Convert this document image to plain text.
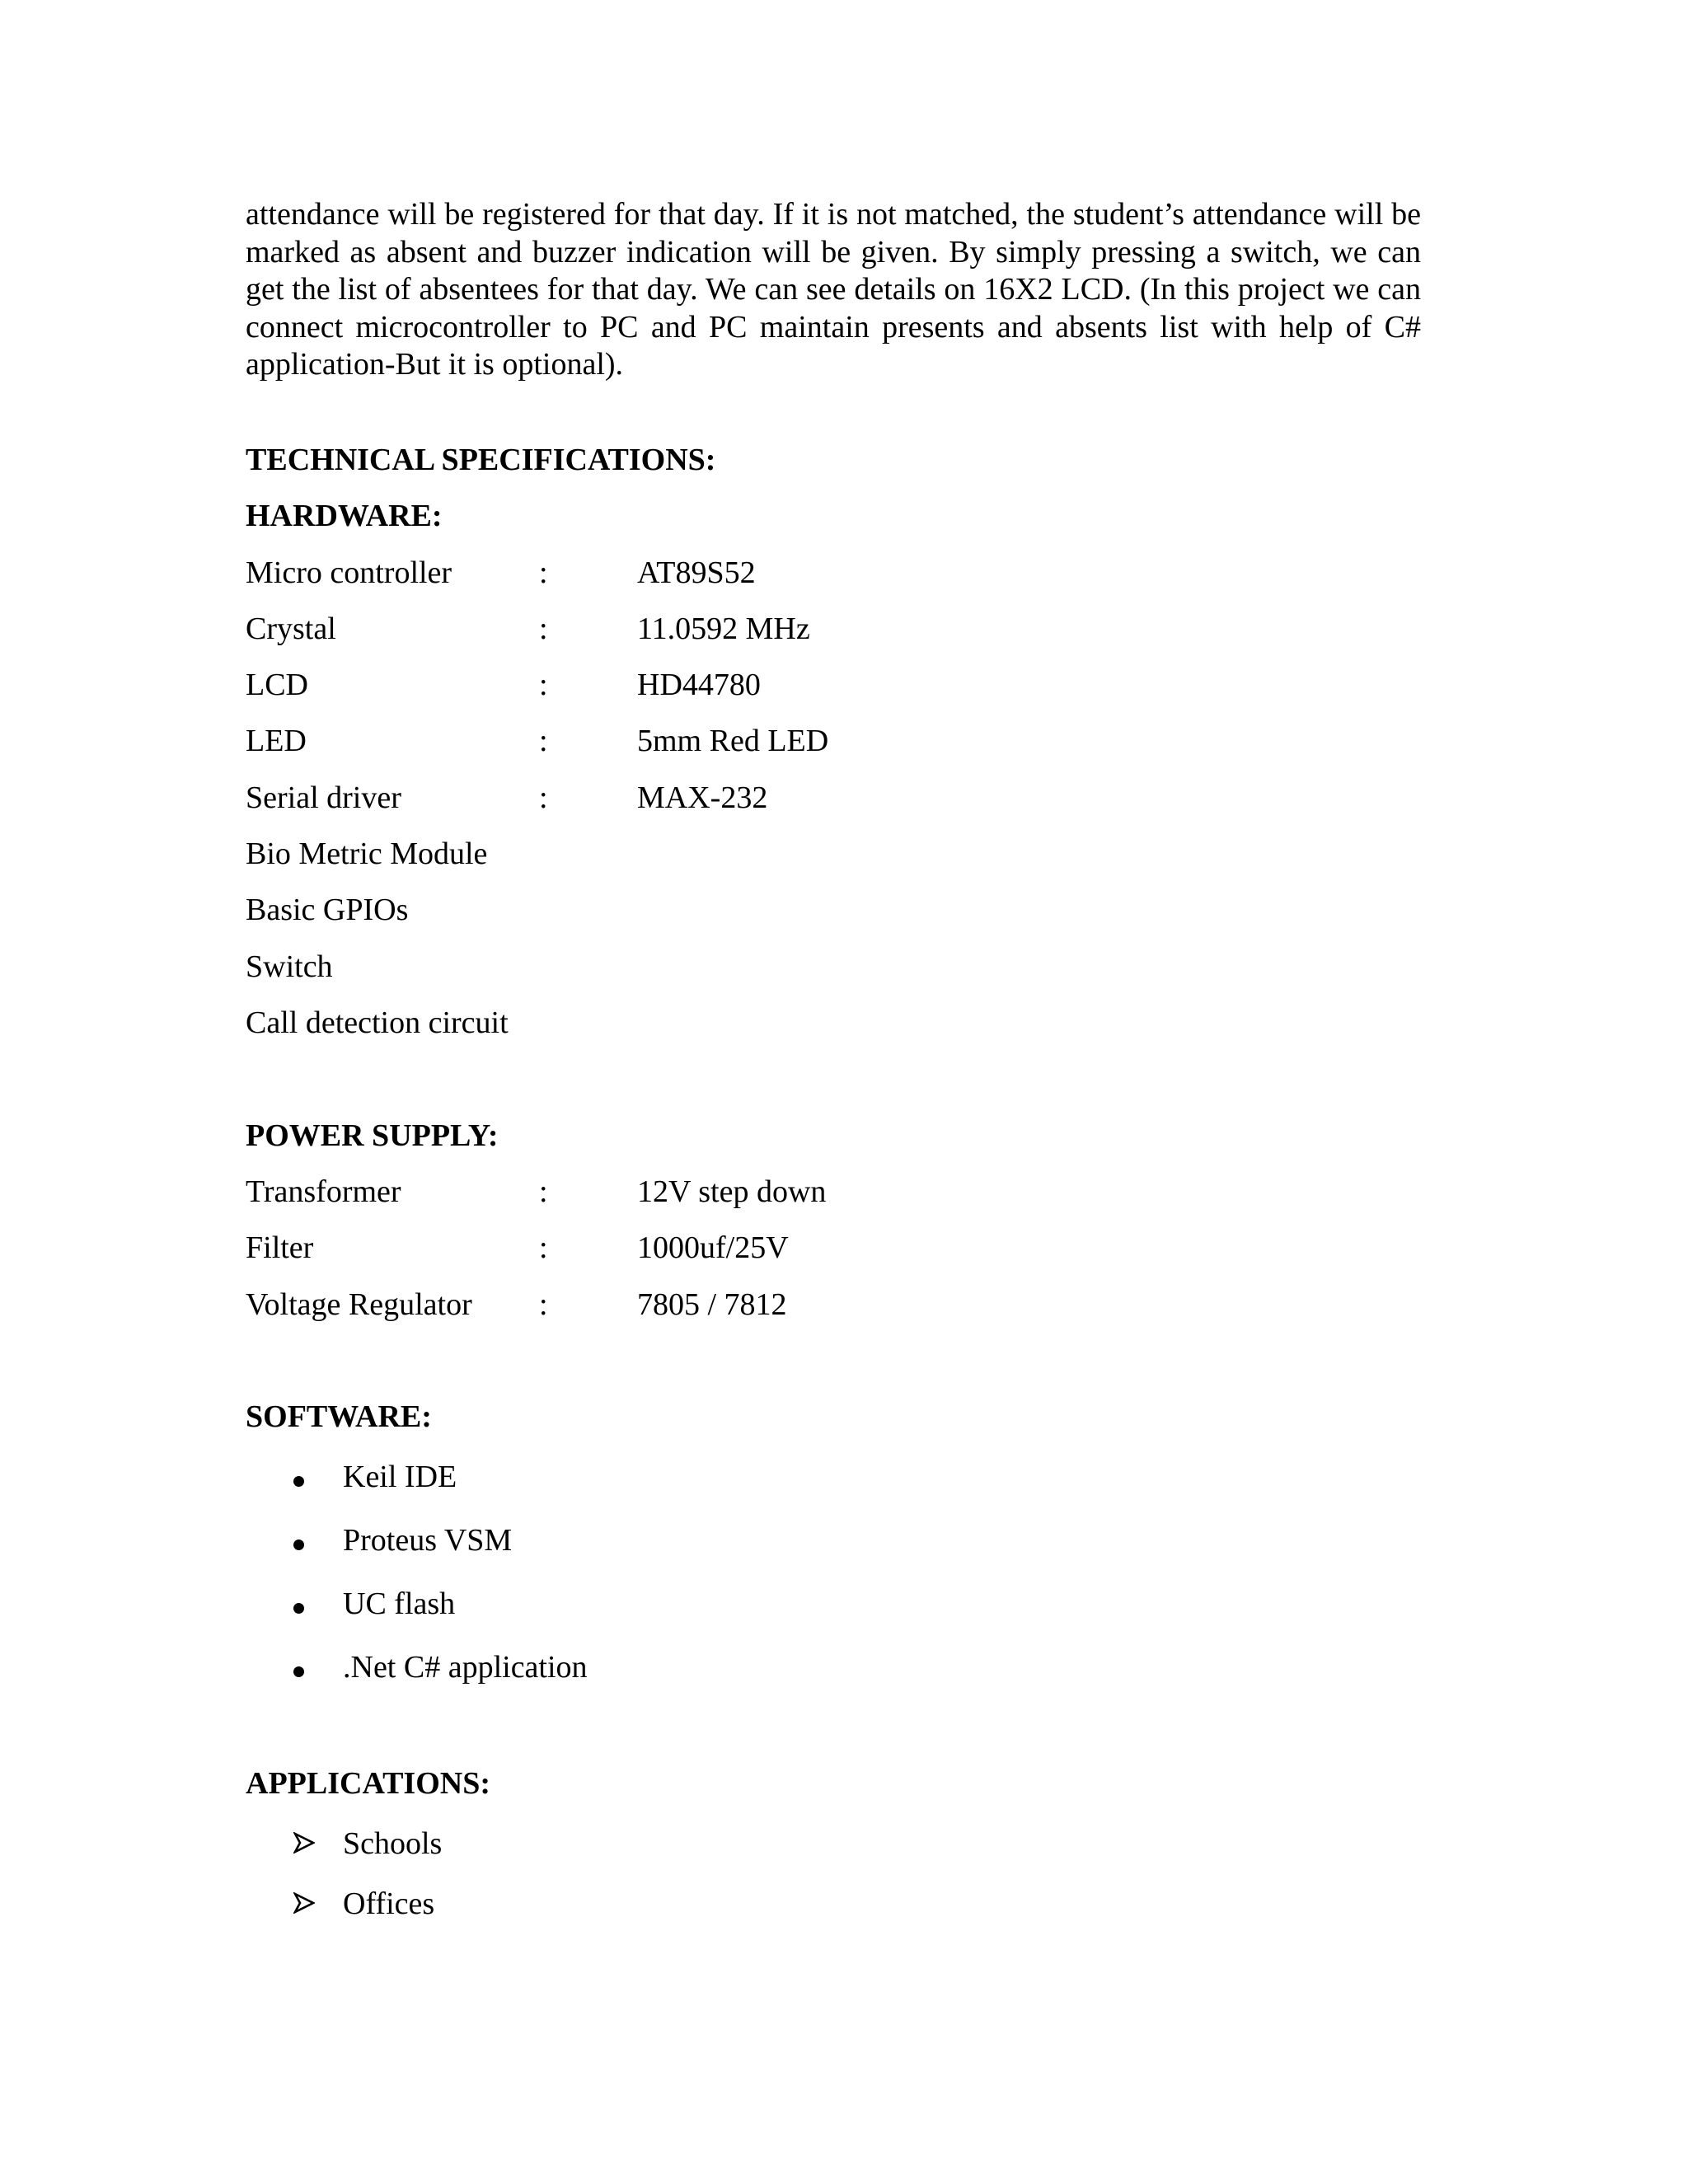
attendance will be registered for that day. If it is not matched, the student’s attendance will be marked as absent and buzzer indication will be given. By simply pressing a switch, we can get the list of absentees for that day. We can see details on 16X2 LCD. (In this project we can connect microcontroller to PC and PC maintain presents and absents list with help of C# application-But it is optional).

TECHNICAL SPECIFICATIONS:
HARDWARE:
Micro controller	:	AT89S52
Crystal	:	11.0592 MHz
LCD	:	HD44780
LED	:	5mm Red LED
Serial driver	:	MAX-232
Bio Metric Module
Basic GPIOs
Switch
Call detection circuit
POWER SUPPLY:
Transformer	:	12V step down
Filter	:	1000uf/25V
Voltage Regulator :	7805 / 7812
SOFTWARE:
Keil IDE
Proteus VSM
UC flash
.Net C# application
APPLICATIONS:
Schools
Offices
